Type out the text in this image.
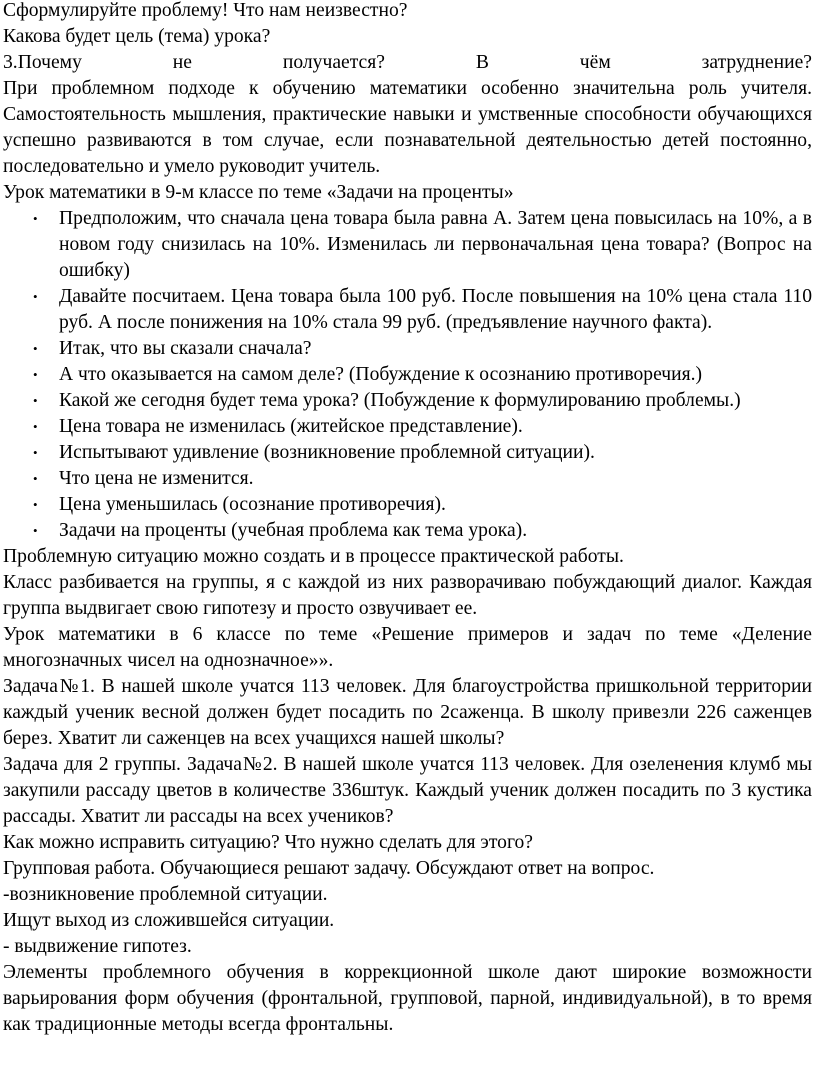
Сформулируйте проблему! Что нам неизвестно?

Какова будет цель (тема) урока?

3.Почему не получается? В чём затруднение?

При проблемном подходе к обучению математики особенно значительна роль учителя. Самостоятельность мышления, практические навыки и умственные способности обучающихся успешно развиваются в том случае, если познавательной деятельностью детей постоянно, последовательно и умело руководит учитель.

Урок математики в 9-м классе по теме «Задачи на проценты»

• Предположим, что сначала цена товара была равна А. Затем цена повысилась на 10%, а в новом году снизилась на 10%. Изменилась ли первоначальная цена товара? (Вопрос на ошибку)
• Давайте посчитаем. Цена товара была 100 руб. После повышения на 10% цена стала 110 руб. А после понижения на 10% стала 99 руб. (предъявление научного факта).
• Итак, что вы сказали сначала?
• А что оказывается на самом деле? (Побуждение к осознанию противоречия.)
• Какой же сегодня будет тема урока? (Побуждение к формулированию проблемы.)
• Цена товара не изменилась (житейское представление).
• Испытывают удивление (возникновение проблемной ситуации).
• Что цена не изменится.
• Цена уменьшилась (осознание противоречия).
• Задачи на проценты (учебная проблема как тема урока).

Проблемную ситуацию можно создать и в процессе практической работы.

Класс разбивается на группы, я с каждой из них разворачиваю побуждающий диалог. Каждая группа выдвигает свою гипотезу и просто озвучивает ее.

Урок математики в 6 классе по теме «Решение примеров и задач по теме «Деление многозначных чисел на однозначное»».

Задача№1. В нашей школе учатся 113 человек. Для благоустройства пришкольной территории каждый ученик весной должен будет посадить по 2саженца. В школу привезли 226 саженцев берез. Хватит ли саженцев на всех учащихся нашей школы?

Задача для 2 группы. Задача№2. В нашей школе учатся 113 человек. Для озеленения клумб мы закупили рассаду цветов в количестве 336штук. Каждый ученик должен посадить по 3 кустика рассады. Хватит ли рассады на всех учеников?

Как можно исправить ситуацию? Что нужно сделать для этого?

Групповая работа. Обучающиеся решают задачу. Обсуждают ответ на вопрос.

-возникновение проблемной ситуации.

Ищут выход из сложившейся ситуации.

- выдвижение гипотез.

Элементы проблемного обучения в коррекционной школе дают широкие возможности варьирования форм обучения (фронтальной, групповой, парной, индивидуальной), в то время как традиционные методы всегда фронтальны.
